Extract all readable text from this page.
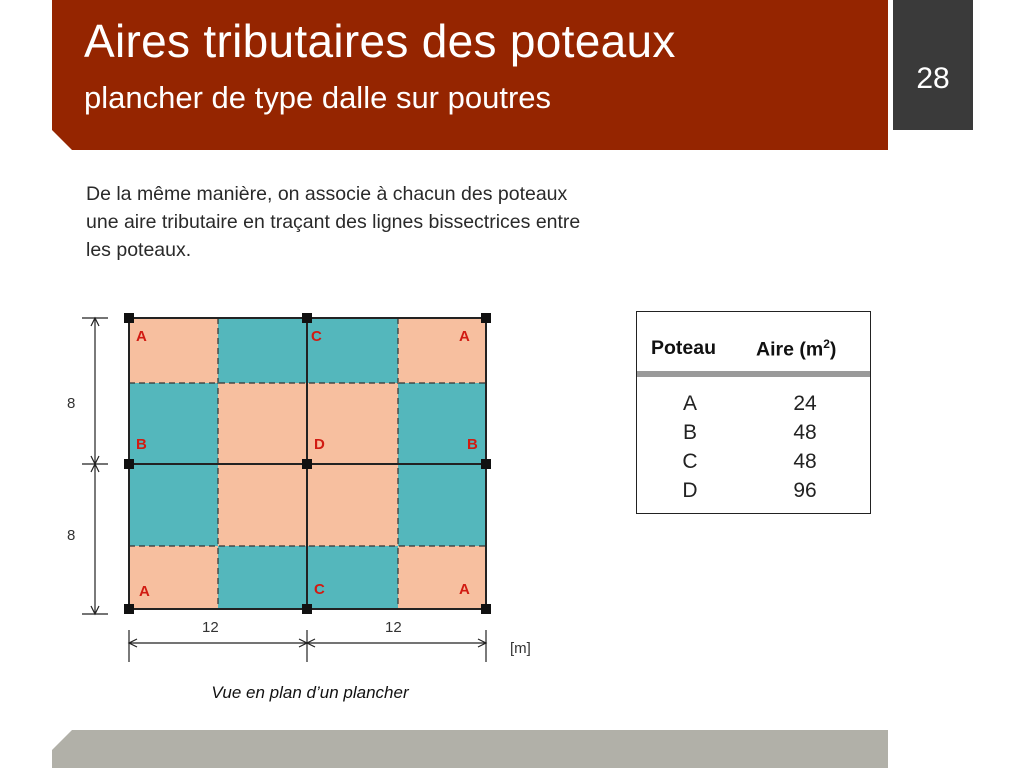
Aires tributaires des poteaux
plancher de type dalle sur poutres
28

De la même manière, on associe à chacun des poteaux une aire tributaire en traçant des lignes bissectrices entre les poteaux.

A	C	A
B	D	B
A	C	A
8
8
12	12
[m]
Vue en plan d’un plancher
Poteau Aire $(m^2)$
A	24
B	48
C	48
D	96
